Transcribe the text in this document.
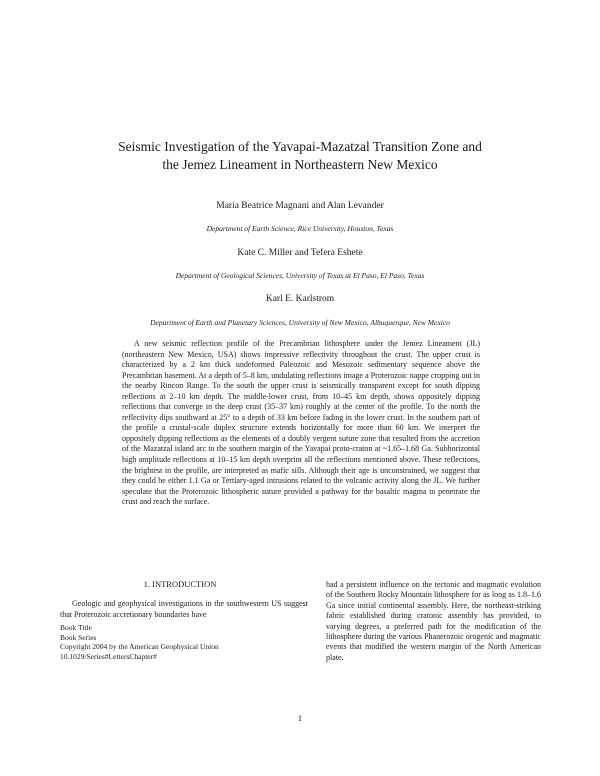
Seismic Investigation of the Yavapai-Mazatzal Transition Zone and the Jemez Lineament in Northeastern New Mexico
Maria Beatrice Magnani and Alan Levander
Department of Earth Science, Rice University, Houston, Texas
Kate C. Miller and Tefera Eshete
Department of Geological Sciences, University of Texas at El Paso, El Paso, Texas
Karl E. Karlstrom
Department of Earth and Planetary Sciences, University of New Mexico, Albuquerque, New Mexico

A new seismic reflection profile of the Precambrian lithosphere under the Jemez Lineament (JL) (northeastern New Mexico, USA) shows impressive reflectivity throughout the crust. The upper crust is characterized by a 2 km thick undeformed Paleozoic and Mesozoic sedimentary sequence above the Precambrian basement. At a depth of 5–8 km, undulating reflections image a Proterozoic nappe cropping out in the nearby Rincon Range. To the south the upper crust is seismically transparent except for south dipping reflections at 2–10 km depth. The middle-lower crust, from 10–45 km depth, shows oppositely dipping reflections that converge in the deep crust (35–37 km) roughly at the center of the profile. To the north the reflectivity dips southward at 25° to a depth of 33 km before fading in the lower crust. In the southern part of the profile a crustal-scale duplex structure extends horizontally for more than 60 km. We interpret the oppositely dipping reflections as the elements of a doubly vergent suture zone that resulted from the accretion of the Mazatzal island arc to the southern margin of the Yavapai proto-craton at ~1.65–1.68 Ga. Subhorizontal high amplitude reflections at 10–15 km depth overprint all the reflections mentioned above. These reflections, the brightest in the profile, are interpreted as mafic sills. Although their age is unconstrained, we suggest that they could be either 1.1 Ga or Tertiary-aged intrusions related to the volcanic activity along the JL. We further speculate that the Proterozoic lithospheric suture provided a pathway for the basaltic magma to penetrate the crust and reach the surface.

1. INTRODUCTION

Geologic and geophysical investigations in the southwestern US suggest that Proterozoic accretionary boundaries have

Book Title

Book Series

Copyright 2004 by the American Geophysical Union

10.1029/Series#LettersChapter#

had a persistent influence on the tectonic and magmatic evolution of the Southern Rocky Mountain lithosphere for as long as 1.8–1.6 Ga since initial continental assembly. Here, the northeast-striking fabric established during cratonic assembly has provided, to varying degrees, a preferred path for the modification of the lithosphere during the various Phanerozoic orogenic and magmatic events that modified the western margin of the North American plate.

1
